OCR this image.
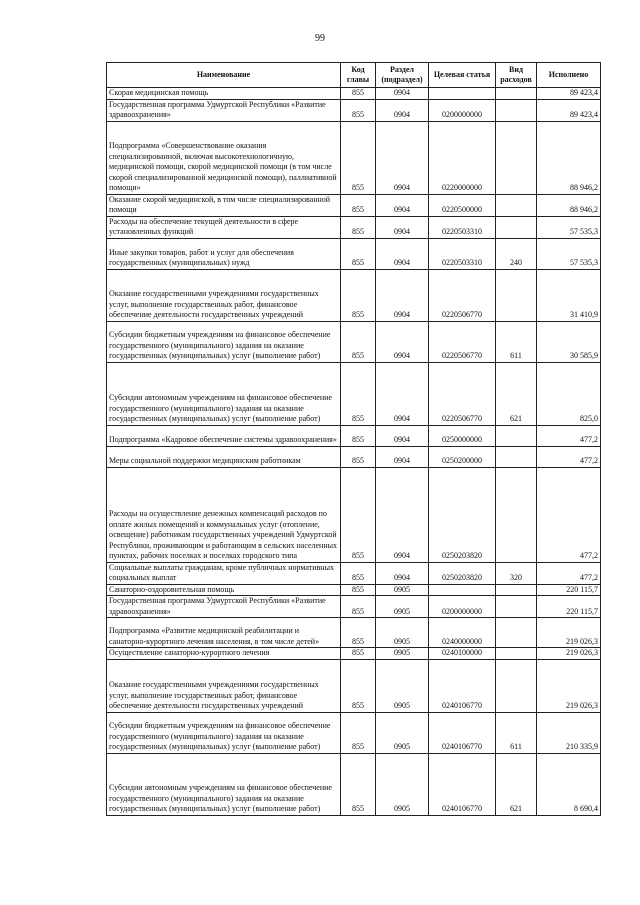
99
Наименование	Код главы	Раздел (подраздел)	Целевая статья	Вид расходов	Исполнено
Скорая медицинская помощь	855	0904			89 423,4
Государственная программа Удмуртской Республики «Развитие здравоохранения»	855	0904	0200000000		89 423,4
Подпрограмма «Совершенствование оказания специализированной, включая высокотехнологичную, медицинской помощи, скорой медицинской помощи (в том числе скорой специализированной медицинской помощи), паллиативной помощи»	855	0904	0220000000		88 946,2
Оказание скорой медицинской, в том числе специализированной помощи	855	0904	0220500000		88 946,2
Расходы на обеспечение текущей деятельности в сфере установленных функций	855	0904	0220503310		57 535,3
Иные закупки товаров, работ и услуг для обеспечения государственных (муниципальных) нужд	855	0904	0220503310	240	57 535,3
Оказание государственными учреждениями государственных услуг, выполнение государственных работ, финансовое обеспечение деятельности государственных учреждений	855	0904	0220506770		31 410,9
Субсидии бюджетным учреждениям на финансовое обеспечение государственного (муниципального) задания на оказание государственных (муниципальных) услуг (выполнение работ)	855	0904	0220506770	611	30 585,9
Субсидии автономным учреждениям на финансовое обеспечение государственного (муниципального) задания на оказание государственных (муниципальных) услуг (выполнение работ)	855	0904	0220506770	621	825,0
Подпрограмма «Кадровое обеспечение системы здравоохранения»	855	0904	0250000000		477,2
Меры социальной поддержки медицинским работникам	855	0904	0250200000		477,2
Расходы на осуществление денежных компенсаций расходов по оплате жилых помещений и коммунальных услуг (отопление, освещение) работникам государственных учреждений Удмуртской Республики, проживающим и работающим в сельских населенных пунктах, рабочих поселках и поселках городского типа	855	0904	0250203820		477,2
Социальные выплаты гражданам, кроме публичных нормативных социальных выплат	855	0904	0250203820	320	477,2
Санаторно-оздоровительная помощь	855	0905			220 115,7
Государственная программа Удмуртской Республики «Развитие здравоохранения»	855	0905	0200000000		220 115,7
Подпрограмма «Развитие медицинской реабилитации и санаторно-курортного лечения населения, в том числе детей»	855	0905	0240000000		219 026,3
Осуществление санаторно-курортного лечения	855	0905	0240100000		219 026,3
Оказание государственными учреждениями государственных услуг, выполнение государственных работ, финансовое обеспечение деятельности государственных учреждений	855	0905	0240106770		219 026,3
Субсидии бюджетным учреждениям на финансовое обеспечение государственного (муниципального) задания на оказание государственных (муниципальных) услуг (выполнение работ)	855	0905	0240106770	611	210 335,9
Субсидии автономным учреждениям на финансовое обеспечение государственного (муниципального) задания на оказание государственных (муниципальных) услуг (выполнение работ)	855	0905	0240106770	621	8 690,4
